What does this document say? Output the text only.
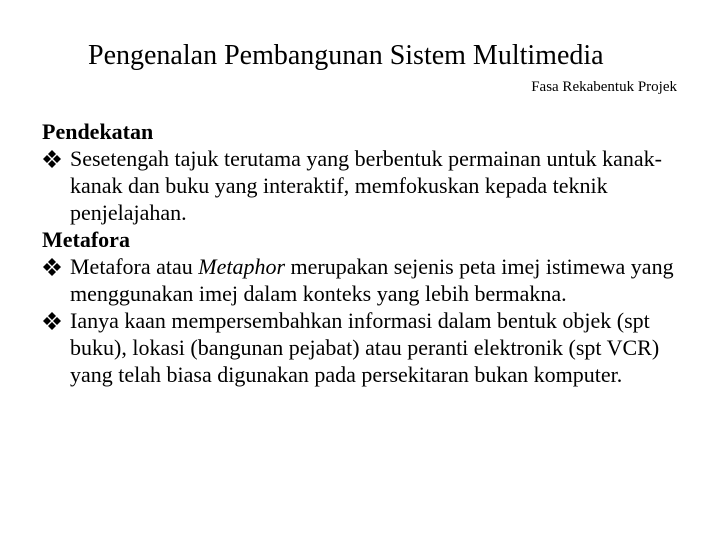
Pengenalan Pembangunan Sistem Multimedia
Fasa Rekabentuk Projek

Pendekatan

Sesetengah tajuk terutama yang berbentuk permainan untuk kanak-kanak dan buku yang interaktif, memfokuskan kepada teknik penjelajahan.

Metafora

Metafora atau Metaphor merupakan sejenis peta imej istimewa yang menggunakan imej dalam konteks yang lebih bermakna.

Ianya kaan mempersembahkan informasi dalam bentuk objek (spt buku), lokasi (bangunan pejabat) atau peranti elektronik (spt VCR) yang telah biasa digunakan pada persekitaran bukan komputer.
